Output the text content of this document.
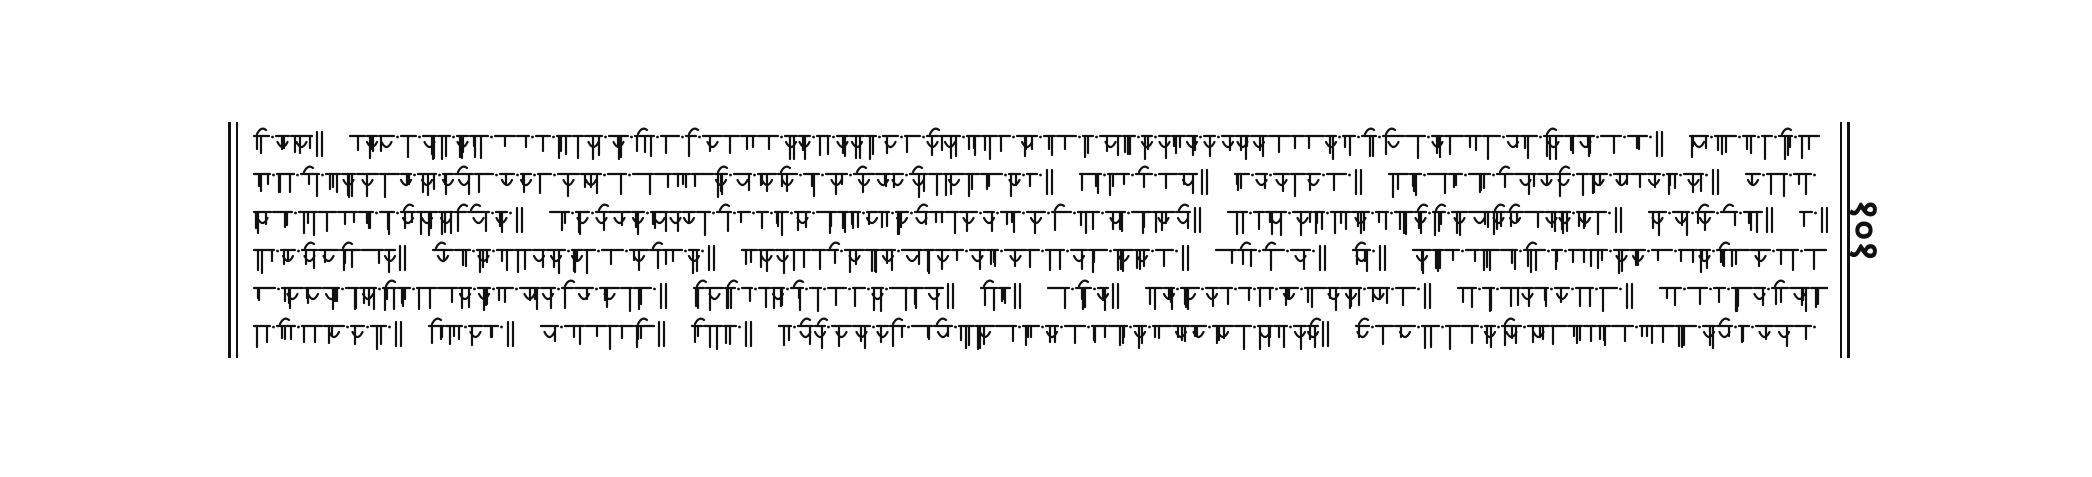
१०१
